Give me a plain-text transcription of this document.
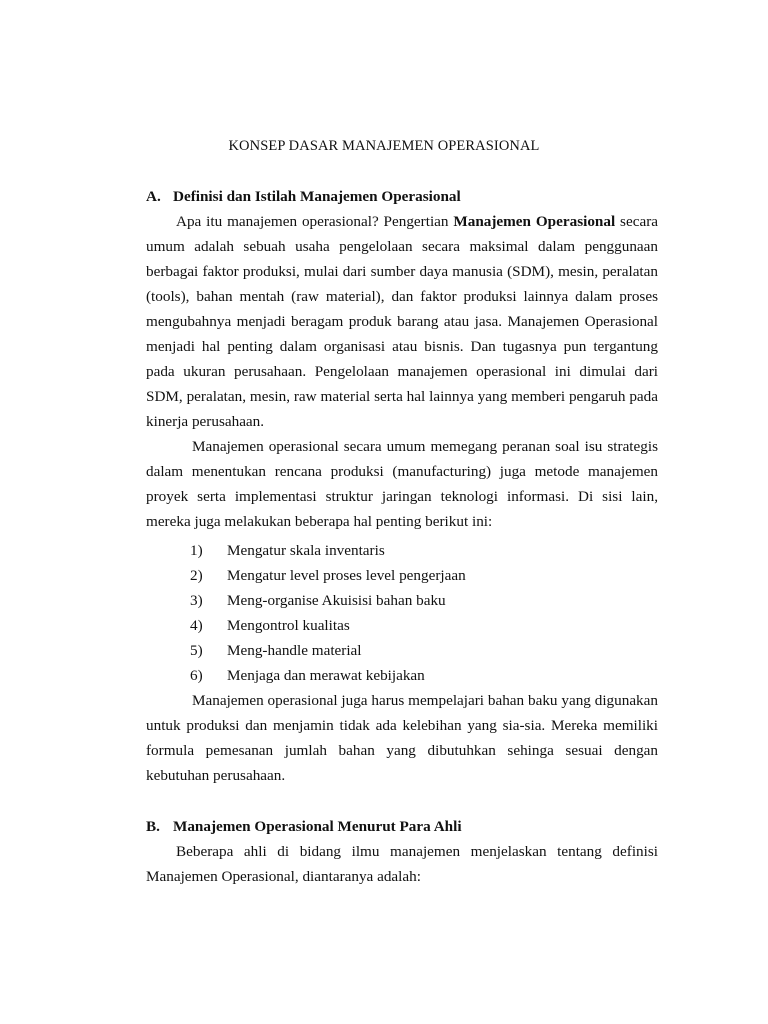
KONSEP DASAR MANAJEMEN OPERASIONAL
A. Definisi dan Istilah Manajemen Operasional

Apa itu manajemen operasional? Pengertian Manajemen Operasional secara umum adalah sebuah usaha pengelolaan secara maksimal dalam penggunaan berbagai faktor produksi, mulai dari sumber daya manusia (SDM), mesin, peralatan (tools), bahan mentah (raw material), dan faktor produksi lainnya dalam proses mengubahnya menjadi beragam produk barang atau jasa. Manajemen Operasional menjadi hal penting dalam organisasi atau bisnis. Dan tugasnya pun tergantung pada ukuran perusahaan. Pengelolaan manajemen operasional ini dimulai dari SDM, peralatan, mesin, raw material serta hal lainnya yang memberi pengaruh pada kinerja perusahaan.

Manajemen operasional secara umum memegang peranan soal isu strategis dalam menentukan rencana produksi (manufacturing) juga metode manajemen proyek serta implementasi struktur jaringan teknologi informasi. Di sisi lain, mereka juga melakukan beberapa hal penting berikut ini:

1) Mengatur skala inventaris
2) Mengatur level proses level pengerjaan
3) Meng-organise Akuisisi bahan baku
4) Mengontrol kualitas
5) Meng-handle material
6) Menjaga dan merawat kebijakan

Manajemen operasional juga harus mempelajari bahan baku yang digunakan untuk produksi dan menjamin tidak ada kelebihan yang sia-sia. Mereka memiliki formula pemesanan jumlah bahan yang dibutuhkan sehinga sesuai dengan kebutuhan perusahaan.

B. Manajemen Operasional Menurut Para Ahli

Beberapa ahli di bidang ilmu manajemen menjelaskan tentang definisi Manajemen Operasional, diantaranya adalah:
